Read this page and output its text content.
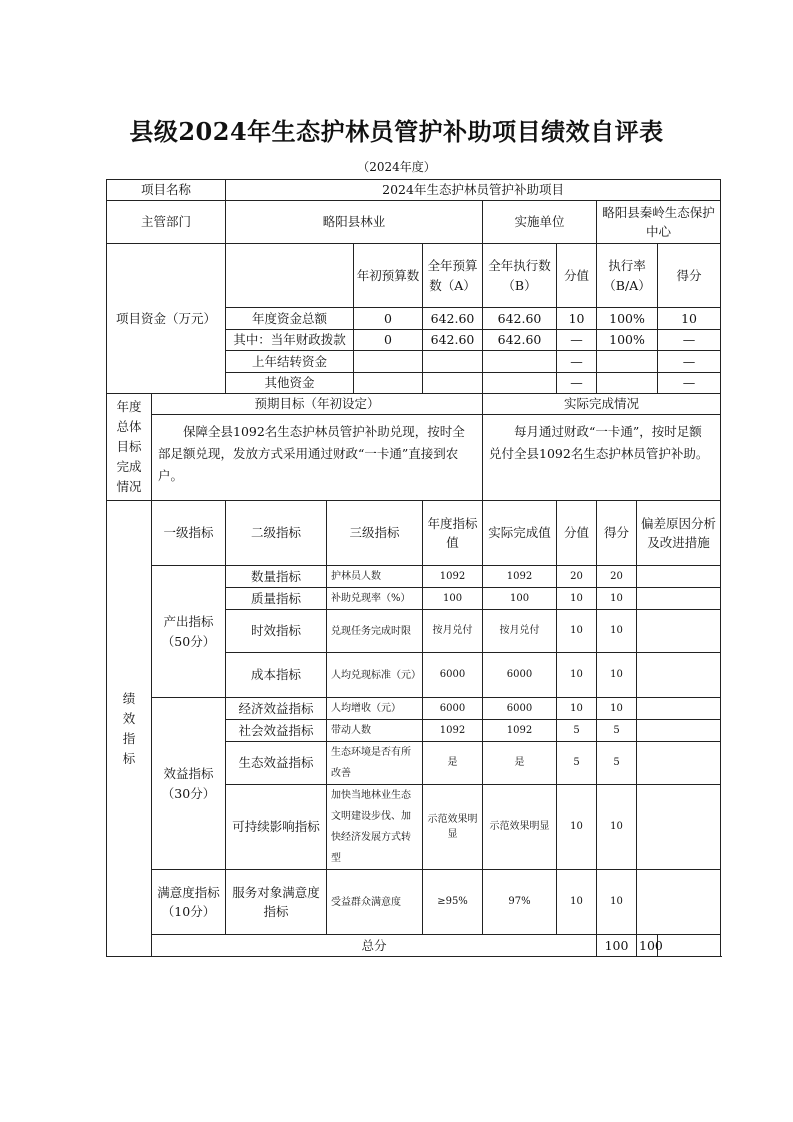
县级2024年生态护林员管护补助项目绩效自评表
（2024年度）
项目名称		2024年生态护林员管护补助项目								
主管部门		略阳县林业				实施单位		略阳县秦岭生态保护中心		
项目资金（万元）				年初预算数	全年预算数（A）	全年执行数（B）	分值	执行率（B/A）		得分
		年度资金总额		0	642.60	642.60	10	100%		10
		其中：当年财政拨款		0	642.60	642.60	—	100%		—
		上年结转资金					—			—
		其他资金					—			—

年度
总体
目标
完成
情况	预期目标（年初设定）					实际完成情况				
	保障全县1092名生态护林员管护补助兑现，按时全部足额兑现，发放方式采用通过财政“一卡通”直接到农户。					每月通过财政“一卡通”，按时足额兑付全县1092名生态护林员管护补助。				

绩
效
指
标	一级指标	二级指标	三级指标		年度指标值	实际完成值	分值	得分	偏差原因分析及改进措施	
	产出指标（50分）	数量指标	护林员人数		1092	1092	20	20		
		质量指标	补助兑现率（%）		100	100	10	10		
		时效指标	兑现任务完成时限		按月兑付	按月兑付	10	10		
		成本指标	人均兑现标准（元）		6000	6000	10	10		
	效益指标（30分）	经济效益指标	人均增收（元）		6000	6000	10	10		
		社会效益指标	带动人数		1092	1092	5	5		
		生态效益指标	生态环境是否有所改善		是	是	5	5		
		可持续影响指标	加快当地林业生态文明建设步伐、加快经济发展方式转型		示范效果明显	示范效果明显	10	10		
	满意度指标（10分）	服务对象满意度指标	受益群众满意度		≥95%	97%	10	10		
	总分							100	100	
